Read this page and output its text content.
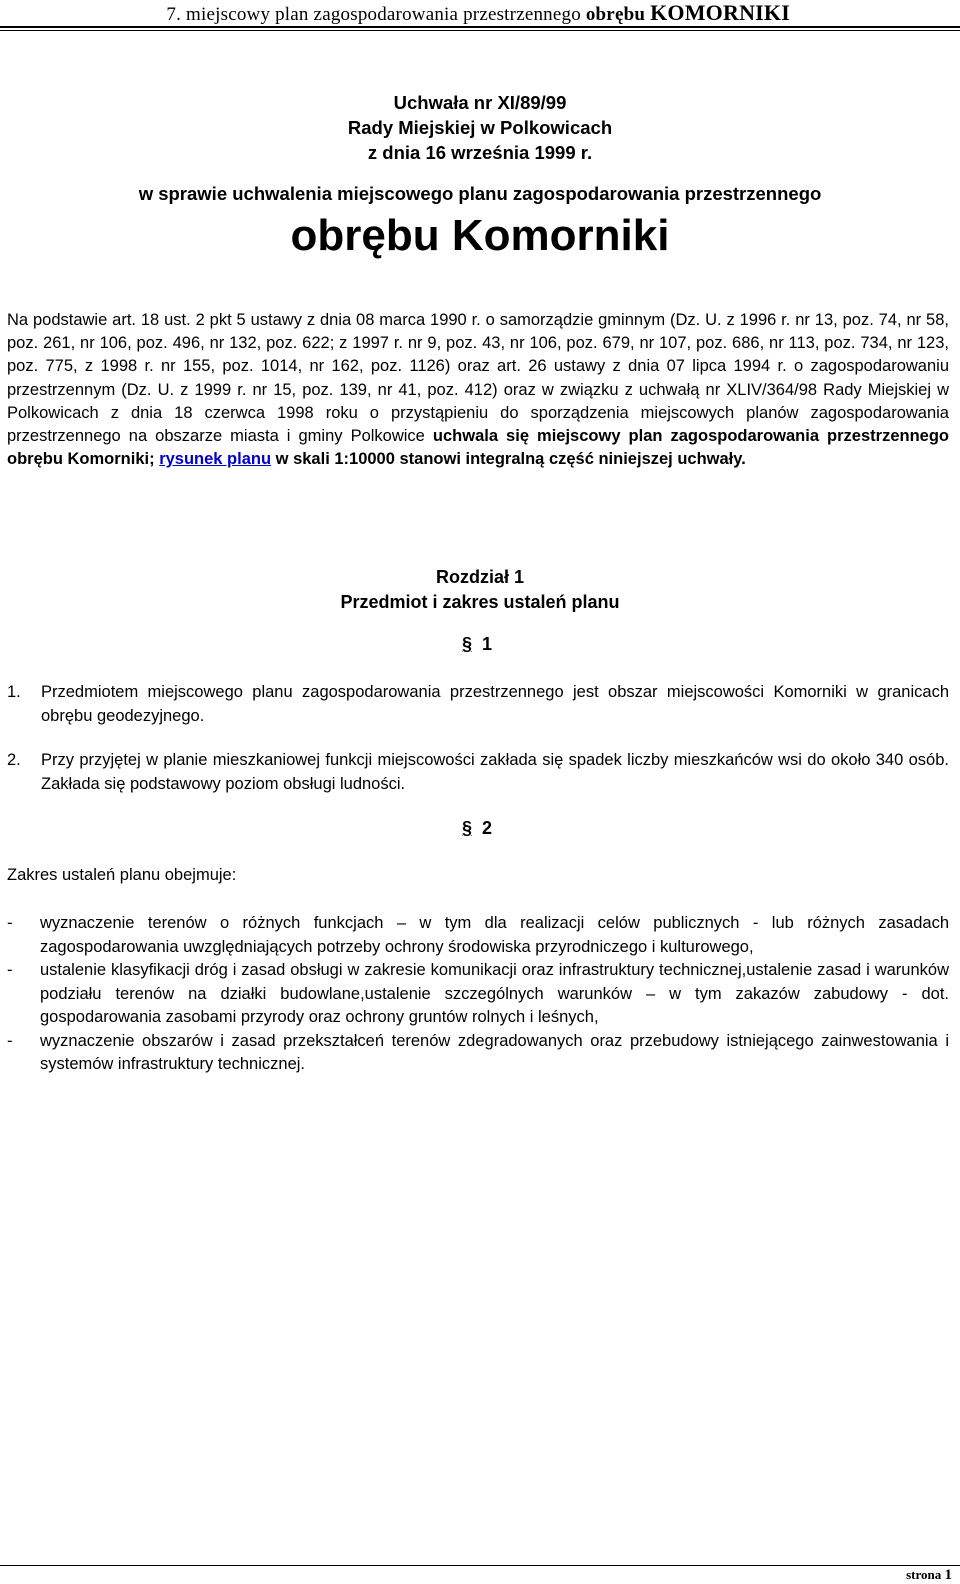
7. miejscowy plan zagospodarowania przestrzennego obrębu KOMORNIKI
Uchwała nr XI/89/99
Rady Miejskiej w Polkowicach
z dnia 16 września 1999 r.
w sprawie uchwalenia miejscowego planu zagospodarowania przestrzennego
obrębu Komorniki
Na podstawie art. 18 ust. 2 pkt 5 ustawy z dnia 08 marca 1990 r. o samorządzie gminnym (Dz. U. z 1996 r. nr 13, poz. 74, nr 58, poz. 261, nr 106, poz. 496, nr 132, poz. 622; z 1997 r. nr 9, poz. 43, nr 106, poz. 679, nr 107, poz. 686, nr 113, poz. 734, nr 123, poz. 775, z 1998 r. nr 155, poz. 1014, nr 162, poz. 1126) oraz art. 26 ustawy z dnia 07 lipca 1994 r. o zagospodarowaniu przestrzennym (Dz. U. z 1999 r. nr 15, poz. 139, nr 41, poz. 412) oraz w związku z uchwałą nr XLIV/364/98 Rady Miejskiej w Polkowicach z dnia 18 czerwca 1998 roku o przystąpieniu do sporządzenia miejscowych planów zagospodarowania przestrzennego na obszarze miasta i gminy Polkowice uchwala się miejscowy plan zagospodarowania przestrzennego obrębu Komorniki; rysunek planu w skali 1:10000 stanowi integralną część niniejszej uchwały.
Rozdział 1
Przedmiot i zakres ustaleń planu
§ 1
1.	Przedmiotem miejscowego planu zagospodarowania przestrzennego jest obszar miejscowości Komorniki w granicach obrębu geodezyjnego.
2.	Przy przyjętej w planie mieszkaniowej funkcji miejscowości zakłada się spadek liczby mieszkańców wsi do około 340 osób. Zakłada się podstawowy poziom obsługi ludności.
§ 2
Zakres ustaleń planu obejmuje:
- wyznaczenie terenów o różnych funkcjach – w tym dla realizacji celów publicznych - lub różnych zasadach zagospodarowania uwzględniających potrzeby ochrony środowiska przyrodniczego i kulturowego,
- ustalenie klasyfikacji dróg i zasad obsługi w zakresie komunikacji oraz infrastruktury technicznej,ustalenie zasad i warunków podziału terenów na działki budowlane,ustalenie szczególnych warunków – w tym zakazów zabudowy - dot. gospodarowania zasobami przyrody oraz ochrony gruntów rolnych i leśnych,
- wyznaczenie obszarów i zasad przekształceń terenów zdegradowanych oraz przebudowy istniejącego zainwestowania i systemów infrastruktury technicznej.
strona 1
